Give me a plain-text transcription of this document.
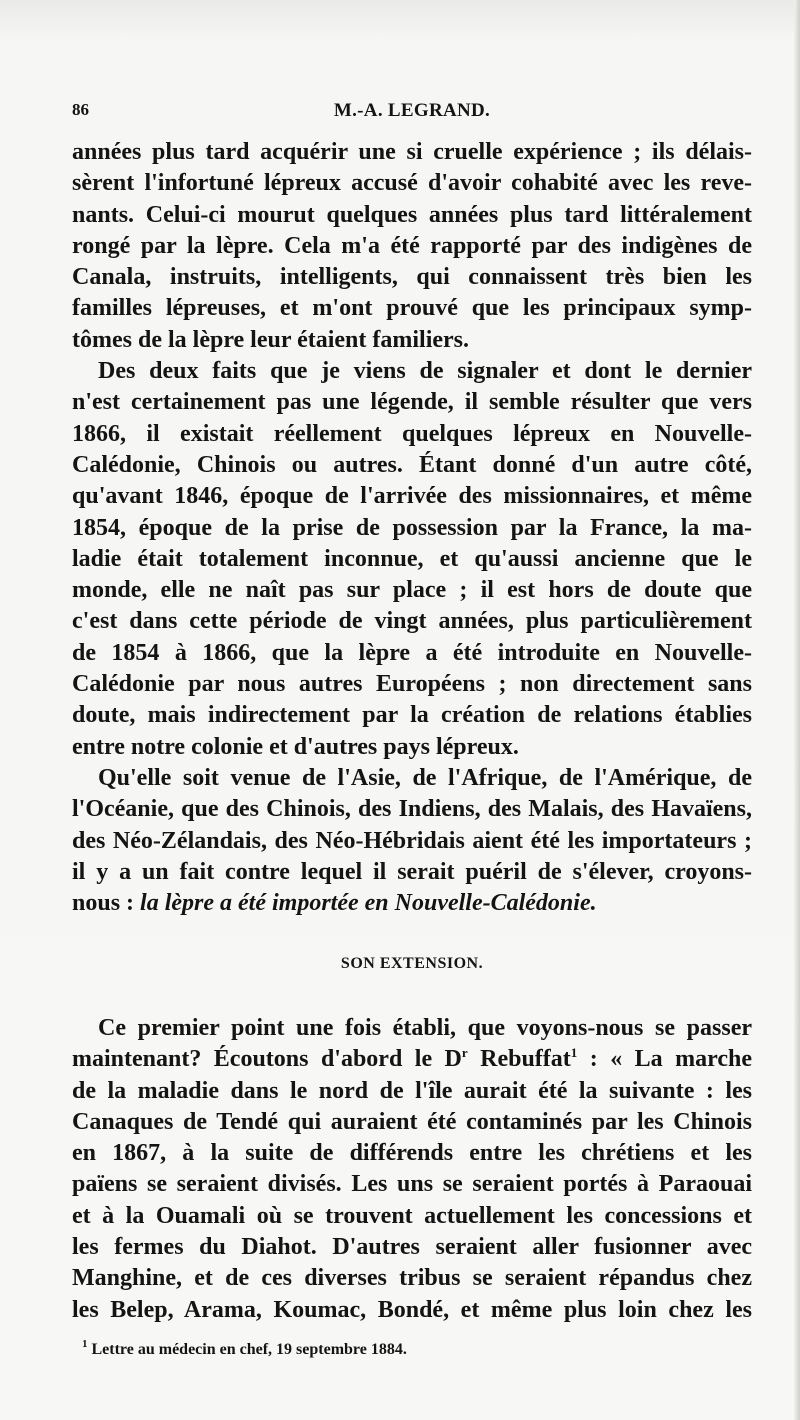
86	M.-A. LEGRAND.
années plus tard acquérir une si cruelle expérience ; ils délais-
sèrent l'infortuné lépreux accusé d'avoir cohabité avec les reve-
nants. Celui-ci mourut quelques années plus tard littéralement
rongé par la lèpre. Cela m'a été rapporté par des indigènes de
Canala, instruits, intelligents, qui connaissent très bien les
familles lépreuses, et m'ont prouvé que les principaux symp-
tômes de la lèpre leur étaient familiers.
Des deux faits que je viens de signaler et dont le dernier
n'est certainement pas une légende, il semble résulter que vers
1866, il existait réellement quelques lépreux en Nouvelle-
Calédonie, Chinois ou autres. Étant donné d'un autre côté,
qu'avant 1846, époque de l'arrivée des missionnaires, et même
1854, époque de la prise de possession par la France, la ma-
ladie était totalement inconnue, et qu'aussi ancienne que le
monde, elle ne naît pas sur place ; il est hors de doute que
c'est dans cette période de vingt années, plus particulièrement
de 1854 à 1866, que la lèpre a été introduite en Nouvelle-
Calédonie par nous autres Européens ; non directement sans
doute, mais indirectement par la création de relations établies
entre notre colonie et d'autres pays lépreux.
Qu'elle soit venue de l'Asie, de l'Afrique, de l'Amérique, de
l'Océanie, que des Chinois, des Indiens, des Malais, des Havaïens,
des Néo-Zélandais, des Néo-Hébridais aient été les importateurs ;
il y a un fait contre lequel il serait puéril de s'élever, croyons-
nous : la lèpre a été importée en Nouvelle-Calédonie.
SON EXTENSION.
Ce premier point une fois établi, que voyons-nous se passer
maintenant? Écoutons d'abord le $D^r$ Rebuffat$^1$ : « La marche
de la maladie dans le nord de l'île aurait été la suivante : les
Canaques de Tendé qui auraient été contaminés par les Chinois
en 1867, à la suite de différends entre les chrétiens et les
païens se seraient divisés. Les uns se seraient portés à Paraouai
et à la Ouamali où se trouvent actuellement les concessions et
les fermes du Diahot. D'autres seraient aller fusionner avec
Manghine, et de ces diverses tribus se seraient répandus chez
les Belep, Arama, Koumac, Bondé, et même plus loin chez les
$^1$ Lettre au médecin en chef, 19 septembre 1884.
